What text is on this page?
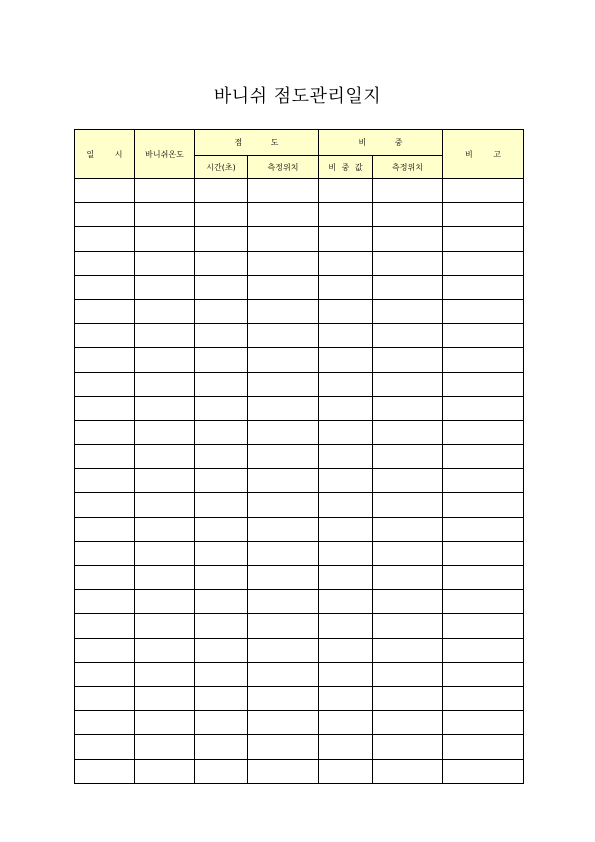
바니쉬 점도관리일지
일 시	바니쉬온도	점 도		비 중		비 고
		시간(초)	측정위치	비 중 값	측정위치	
